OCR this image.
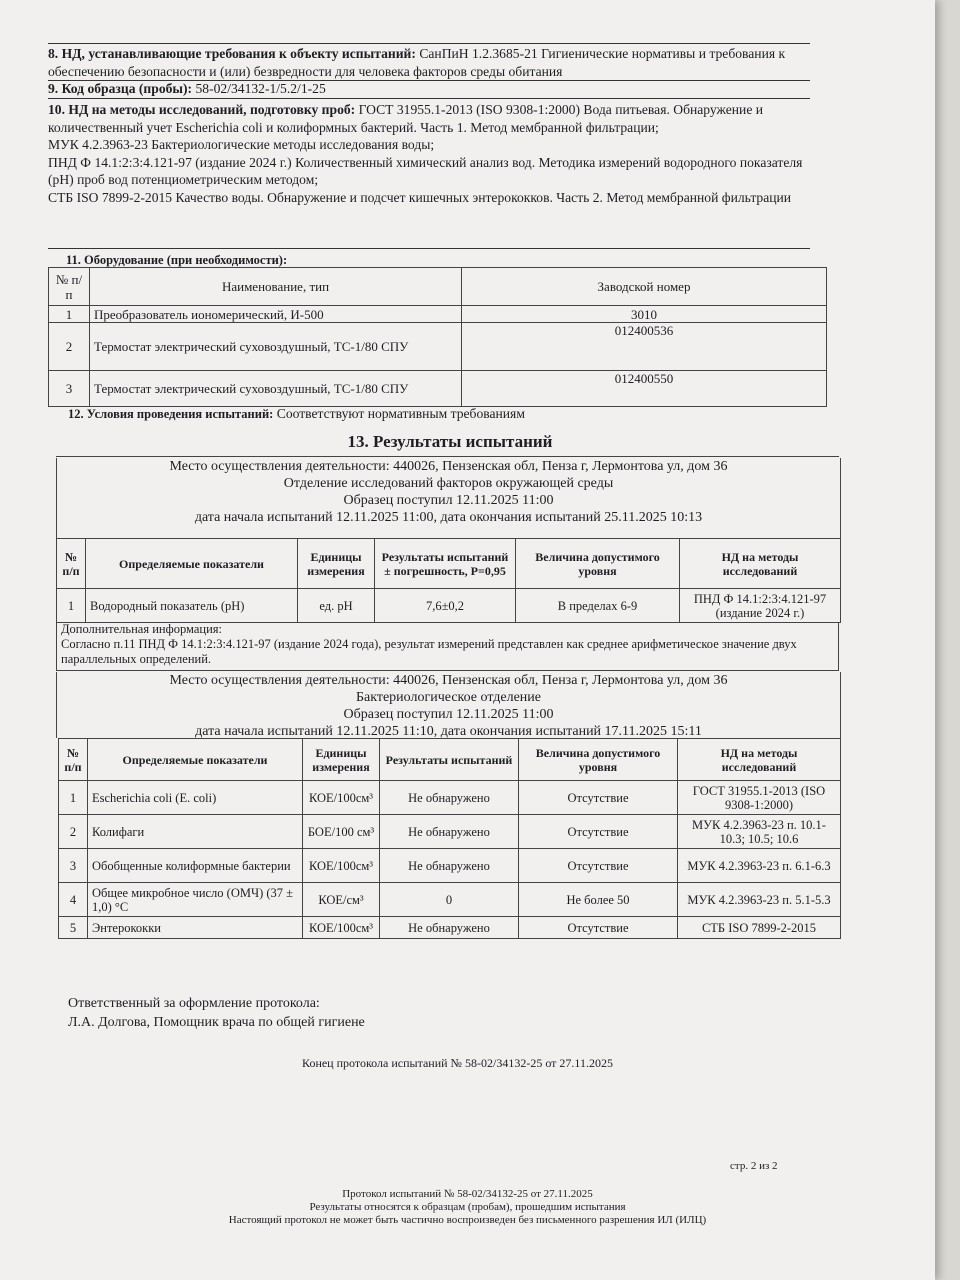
8. НД, устанавливающие требования к объекту испытаний: СанПиН 1.2.3685-21 Гигиенические нормативы и требования к обеспечению безопасности и (или) безвредности для человека факторов среды обитания
9. Код образца (пробы): 58-02/34132-1/5.2/1-25
10. НД на методы исследований, подготовку проб: ГОСТ 31955.1-2013 (ISO 9308-1:2000) Вода питьевая. Обнаружение и количественный учет Escherichia coli и колиформных бактерий. Часть 1. Метод мембранной фильтрации;
МУК 4.2.3963-23 Бактериологические методы исследования воды;
ПНД Ф 14.1:2:3:4.121-97 (издание 2024 г.) Количественный химический анализ вод. Методика измерений водородного показателя (pH) проб вод потенциометрическим методом;
СТБ ISO 7899-2-2015 Качество воды. Обнаружение и подсчет кишечных энтерококков. Часть 2. Метод мембранной фильтрации
11. Оборудование (при необходимости):
№ п/п	Наименование, тип	Заводской номер
1	Преобразователь иономерический, И-500	3010
2	Термостат электрический суховоздушный, ТС-1/80 СПУ	012400536
3	Термостат электрический суховоздушный, ТС-1/80 СПУ	012400550
12. Условия проведения испытаний: Соответствуют нормативным требованиям
13. Результаты испытаний
Место осуществления деятельности: 440026, Пензенская обл, Пенза г, Лермонтова ул, дом 36
Отделение исследований факторов окружающей среды
Образец поступил 12.11.2025 11:00
дата начала испытаний 12.11.2025 11:00, дата окончания испытаний 25.11.2025 10:13
№ п/п	Определяемые показатели	Единицы измерения	Результаты испытаний ± погрешность, P=0,95	Величина допустимого уровня	НД на методы исследований
1	Водородный показатель (pH)	ед. pH	7,6±0,2	В пределах 6-9	ПНД Ф 14.1:2:3:4.121-97 (издание 2024 г.)
Дополнительная информация:
Согласно п.11 ПНД Ф 14.1:2:3:4.121-97 (издание 2024 года), результат измерений представлен как среднее арифметическое значение двух параллельных определений.
Место осуществления деятельности: 440026, Пензенская обл, Пенза г, Лермонтова ул, дом 36
Бактериологическое отделение
Образец поступил 12.11.2025 11:00
дата начала испытаний 12.11.2025 11:10, дата окончания испытаний 17.11.2025 15:11
№ п/п	Определяемые показатели	Единицы измерения	Результаты испытаний	Величина допустимого уровня	НД на методы исследований
1	Escherichia coli (E. coli)	КОЕ/100см³	Не обнаружено	Отсутствие	ГОСТ 31955.1-2013 (ISO 9308-1:2000)
2	Колифаги	БОЕ/100 см³	Не обнаружено	Отсутствие	МУК 4.2.3963-23 п. 10.1-10.3; 10.5; 10.6
3	Обобщенные колиформные бактерии	КОЕ/100см³	Не обнаружено	Отсутствие	МУК 4.2.3963-23 п. 6.1-6.3
4	Общее микробное число (ОМЧ) (37 ± 1,0) °С	КОЕ/см³	0	Не более 50	МУК 4.2.3963-23 п. 5.1-5.3
5	Энтерококки	КОЕ/100см³	Не обнаружено	Отсутствие	СТБ ISO 7899-2-2015
Ответственный за оформление протокола:
Л.А. Долгова, Помощник врача по общей гигиене
Конец протокола испытаний № 58-02/34132-25 от 27.11.2025
стр. 2 из 2
Протокол испытаний № 58-02/34132-25 от 27.11.2025
Результаты относятся к образцам (пробам), прошедшим испытания
Настоящий протокол не может быть частично воспроизведен без письменного разрешения ИЛ (ИЛЦ)
